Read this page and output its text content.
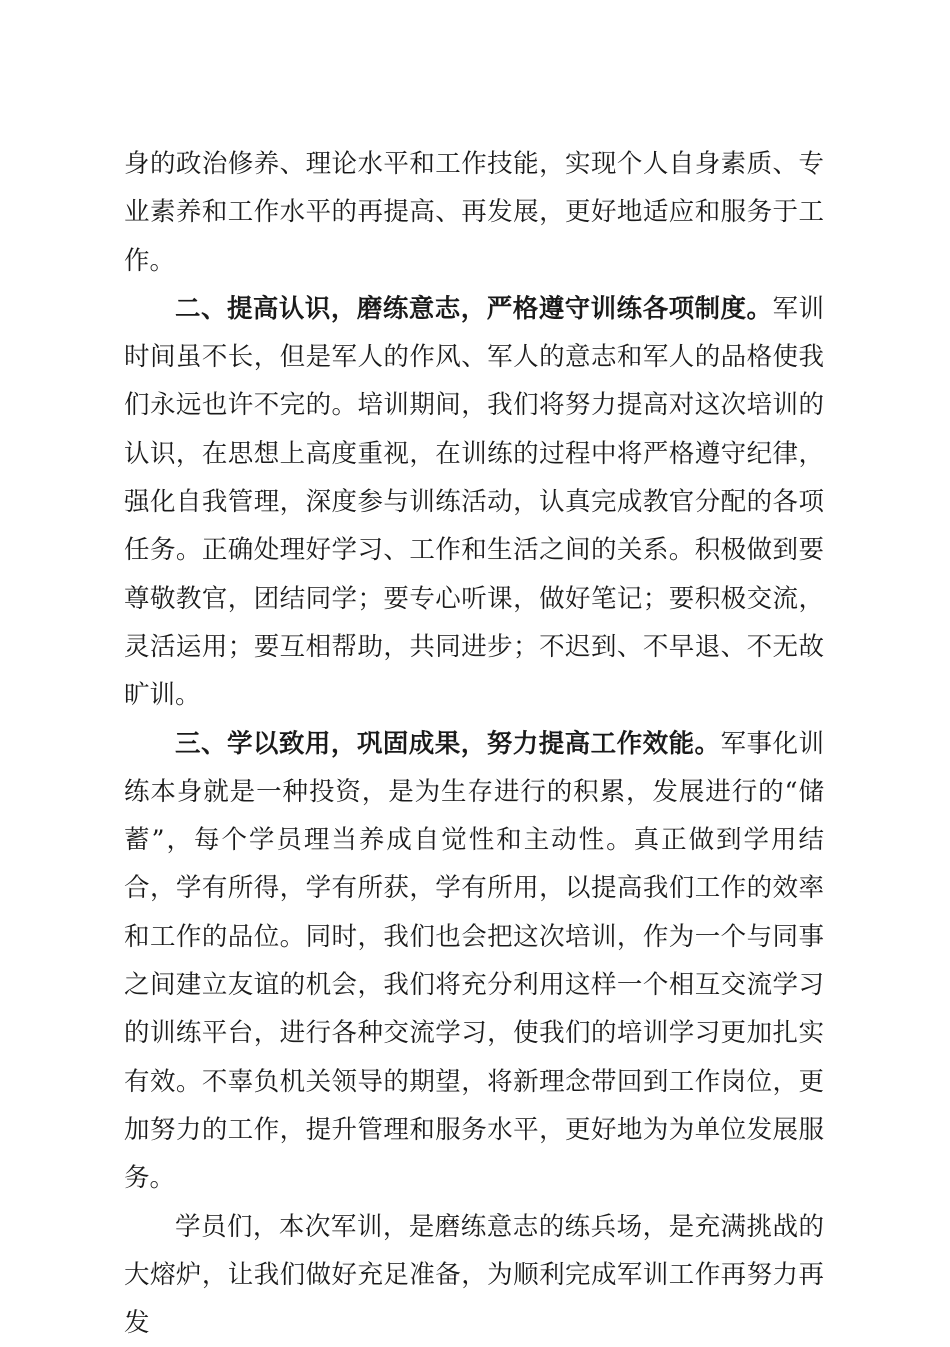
身的政治修养、理论水平和工作技能，实现个人自身素质、专业素养和工作水平的再提高、再发展，更好地适应和服务于工作。

二、提高认识，磨练意志，严格遵守训练各项制度。军训时间虽不长，但是军人的作风、军人的意志和军人的品格使我们永远也许不完的。培训期间，我们将努力提高对这次培训的认识，在思想上高度重视，在训练的过程中将严格遵守纪律，强化自我管理，深度参与训练活动，认真完成教官分配的各项任务。正确处理好学习、工作和生活之间的关系。积极做到要尊敬教官，团结同学；要专心听课，做好笔记；要积极交流，灵活运用；要互相帮助，共同进步；不迟到、不早退、不无故旷训。

三、学以致用，巩固成果，努力提高工作效能。军事化训练本身就是一种投资，是为生存进行的积累，发展进行的“储蓄”，每个学员理当养成自觉性和主动性。真正做到学用结合，学有所得，学有所获，学有所用，以提高我们工作的效率和工作的品位。同时，我们也会把这次培训，作为一个与同事之间建立友谊的机会，我们将充分利用这样一个相互交流学习的训练平台，进行各种交流学习，使我们的培训学习更加扎实有效。不辜负机关领导的期望，将新理念带回到工作岗位，更加努力的工作，提升管理和服务水平，更好地为为单位发展服务。

学员们，本次军训，是磨练意志的练兵场，是充满挑战的大熔炉，让我们做好充足准备，为顺利完成军训工作再努力再发
